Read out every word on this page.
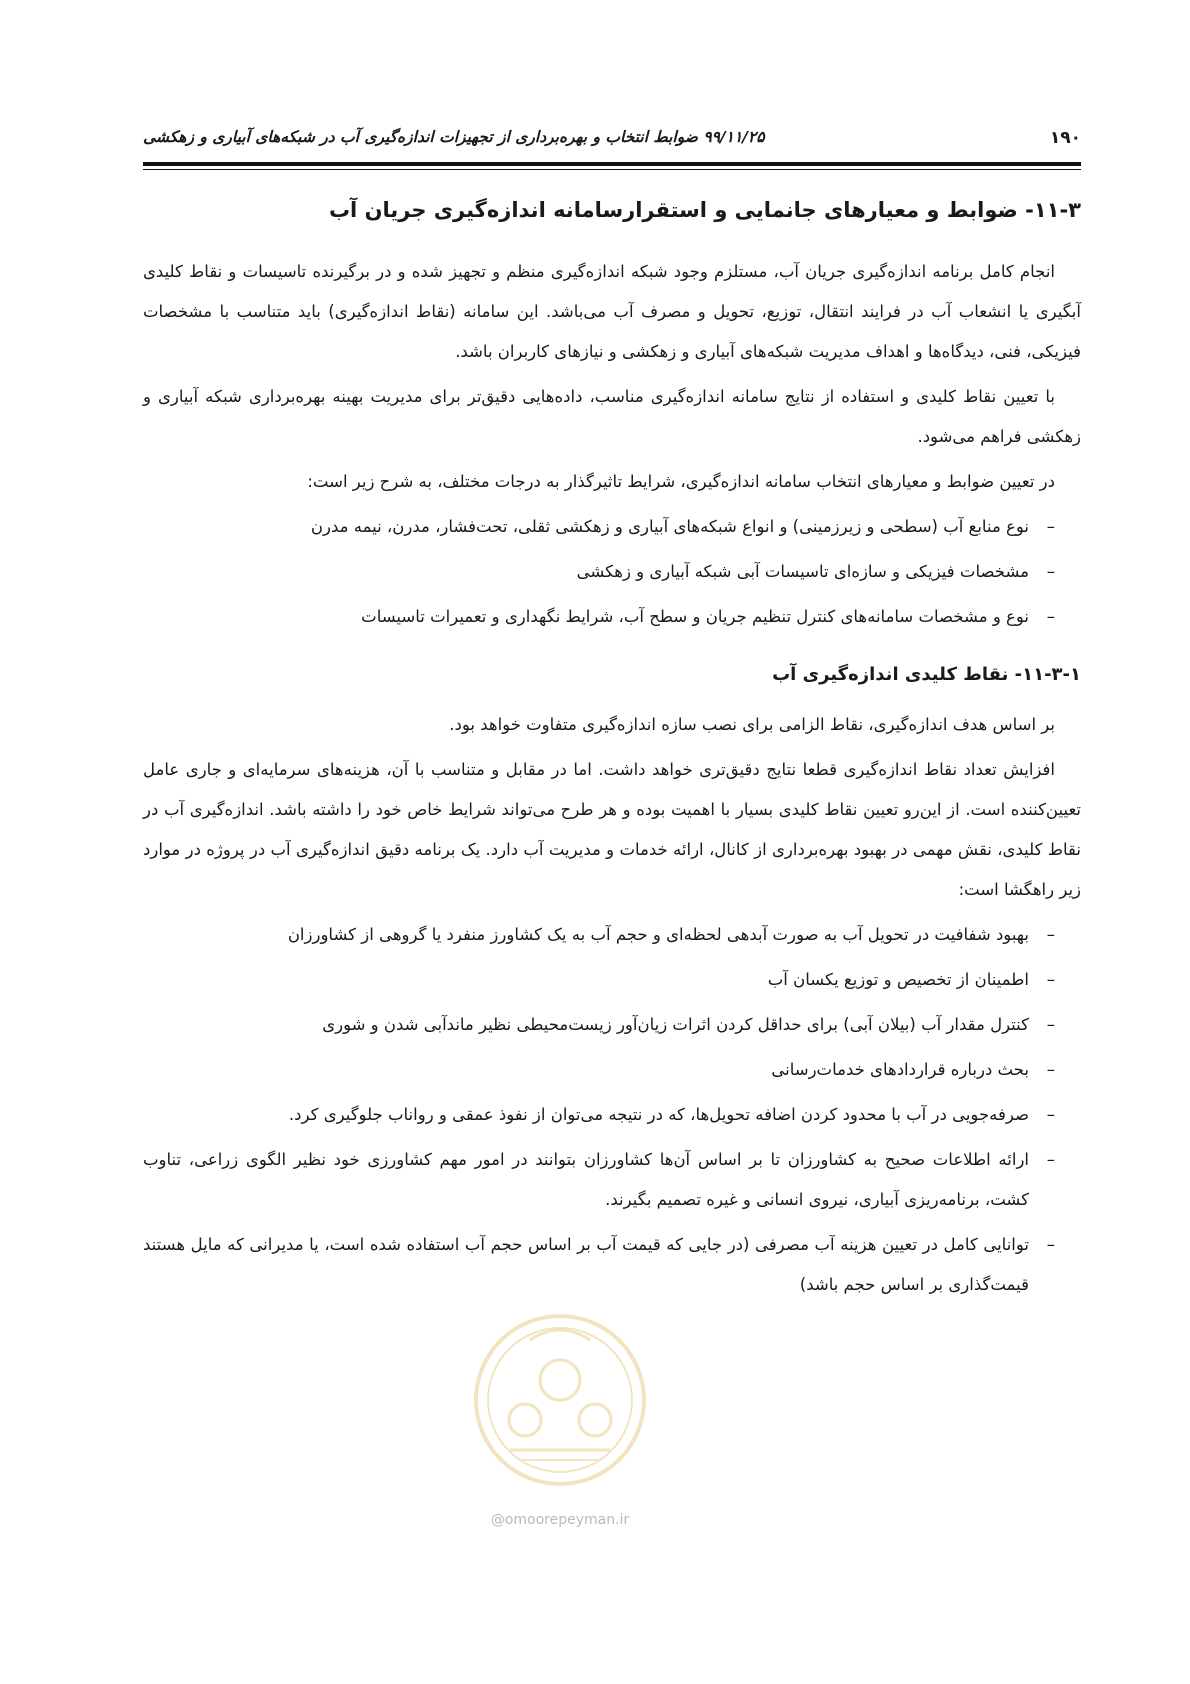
۱۹۰
۹۹/۱۱/۲۵ ضوابط انتخاب و بهره‌برداری از تجهیزات اندازه‌گیری آب در شبکه‌های آبیاری و زهکشی
۱۱-۳- ضوابط و معیارهای جانمایی و استقرارسامانه اندازه‌گیری جریان آب

انجام کامل برنامه اندازه‌گیری جریان آب، مستلزم وجود شبکه اندازه‌گیری منظم و تجهیز شده و در برگیرنده تاسیسات و نقاط کلیدی آبگیری یا انشعاب آب در فرایند انتقال، توزیع، تحویل و مصرف آب می‌باشد. این سامانه (نقاط اندازه‌گیری) باید متناسب با مشخصات فیزیکی، فنی، دیدگاه‌ها و اهداف مدیریت شبکه‌های آبیاری و زهکشی و نیازهای کاربران باشد.

با تعیین نقاط کلیدی و استفاده از نتایج سامانه اندازه‌گیری مناسب، داده‌هایی دقیق‌تر برای مدیریت بهینه بهره‌برداری شبکه آبیاری و زهکشی فراهم می‌شود.

در تعیین ضوابط و معیارهای انتخاب سامانه اندازه‌گیری، شرایط تاثیرگذار به درجات مختلف، به شرح زیر است:

–
نوع منابع آب (سطحی و زیرزمینی) و انواع شبکه‌های آبیاری و زهکشی ثقلی، تحت‌فشار، مدرن، نیمه مدرن
–
مشخصات فیزیکی و سازه‌ای تاسیسات آبی شبکه آبیاری و زهکشی
–
نوع و مشخصات سامانه‌های کنترل تنظیم جریان و سطح آب، شرایط نگهداری و تعمیرات تاسیسات
۱۱-۳-۱- نقاط کلیدی اندازه‌گیری آب

بر اساس هدف اندازه‌گیری، نقاط الزامی برای نصب سازه اندازه‌گیری متفاوت خواهد بود.

افزایش تعداد نقاط اندازه‌گیری قطعا نتایج دقیق‌تری خواهد داشت. اما در مقابل و متناسب با آن، هزینه‌های سرمایه‌ای و جاری عامل تعیین‌کننده است. از این‌رو تعیین نقاط کلیدی بسیار با اهمیت بوده و هر طرح می‌تواند شرایط خاص خود را داشته باشد. اندازه‌گیری آب در نقاط کلیدی، نقش مهمی در بهبود بهره‌برداری از کانال، ارائه خدمات و مدیریت آب دارد. یک برنامه دقیق اندازه‌گیری آب در پروژه در موارد زیر راهگشا است:

–
بهبود شفافیت در تحویل آب به صورت آبدهی لحظه‌ای و حجم آب به یک کشاورز منفرد یا گروهی از کشاورزان
–
اطمینان از تخصیص و توزیع یکسان آب
–
کنترل مقدار آب (بیلان آبی) برای حداقل کردن اثرات زیان‌آور زیست‌محیطی نظیر ماندآبی شدن و شوری
–
بحث درباره قراردادهای خدمات‌رسانی
–
صرفه‌جویی در آب با محدود کردن اضافه تحویل‌ها، که در نتیجه می‌توان از نفوذ عمقی و رواناب جلوگیری کرد.
–
ارائه اطلاعات صحیح به کشاورزان تا بر اساس آن‌ها کشاورزان بتوانند در امور مهم کشاورزی خود نظیر الگوی زراعی، تناوب کشت، برنامه‌ریزی آبیاری، نیروی انسانی و غیره تصمیم بگیرند.
–
توانایی کامل در تعیین هزینه آب مصرفی (در جایی که قیمت آب بر اساس حجم آب استفاده شده است، یا مدیرانی که مایل هستند قیمت‌گذاری بر اساس حجم باشد)
@omoorepeyman.ir
